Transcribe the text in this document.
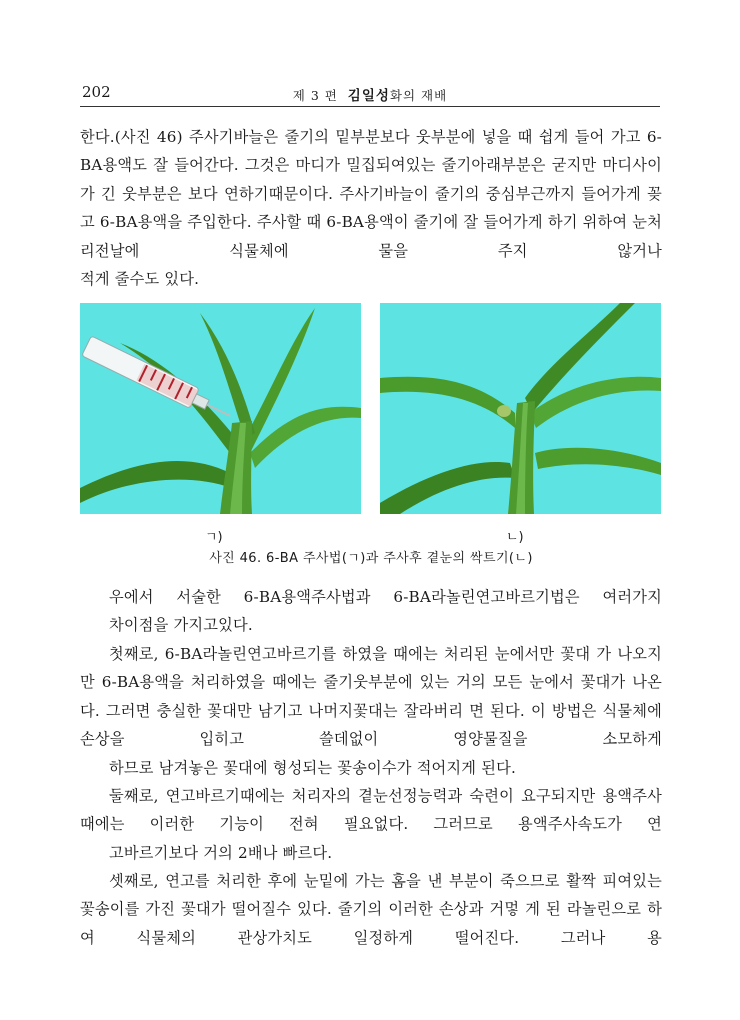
202	제 3 편 김일성화의 재배

한다.(사진 46) 주사기바늘은 줄기의 밑부분보다 웃부분에 넣을 때 쉽게 들어 가고 6-BA용액도 잘 들어간다. 그것은 마디가 밀집되여있는 줄기아래부분은 굳지만 마디사이가 긴 웃부분은 보다 연하기때문이다. 주사기바늘이 줄기의 중심부근까지 들어가게 꽂고 6-BA용액을 주입한다. 주사할 때 6-BA용액이 줄기에 잘 들어가게 하기 위하여 눈처리전날에 식물체에 물을 주지 않거나
적게 줄수도 있다.

ㄱ)	ㄴ)
사진 46. 6-BA 주사법(ㄱ)과 주사후 곁눈의 싹트기(ㄴ)

우에서 서술한 6-BA용액주사법과 6-BA라놀린연고바르기법은 여러가지
차이점을 가지고있다.

첫째로, 6-BA라놀린연고바르기를 하였을 때에는 처리된 눈에서만 꽃대 가 나오지만 6-BA용액을 처리하였을 때에는 줄기웃부분에 있는 거의 모든 눈에서 꽃대가 나온다. 그러면 충실한 꽃대만 남기고 나머지꽃대는 잘라버리 면 된다. 이 방법은 식물체에 손상을 입히고 쓸데없이 영양물질을 소모하게
하므로 남겨놓은 꽃대에 형성되는 꽃송이수가 적어지게 된다.

둘째로, 연고바르기때에는 처리자의 곁눈선정능력과 숙련이 요구되지만 용액주사때에는 이러한 기능이 전혀 필요없다. 그러므로 용액주사속도가 연
고바르기보다 거의 2배나 빠르다.

셋째로, 연고를 처리한 후에 눈밑에 가는 홈을 낸 부분이 죽으므로 활짝 피여있는 꽃송이를 가진 꽃대가 떨어질수 있다. 줄기의 이러한 손상과 거멓 게 된 라놀린으로 하여 식물체의 관상가치도 일정하게 떨어진다. 그러나 용
